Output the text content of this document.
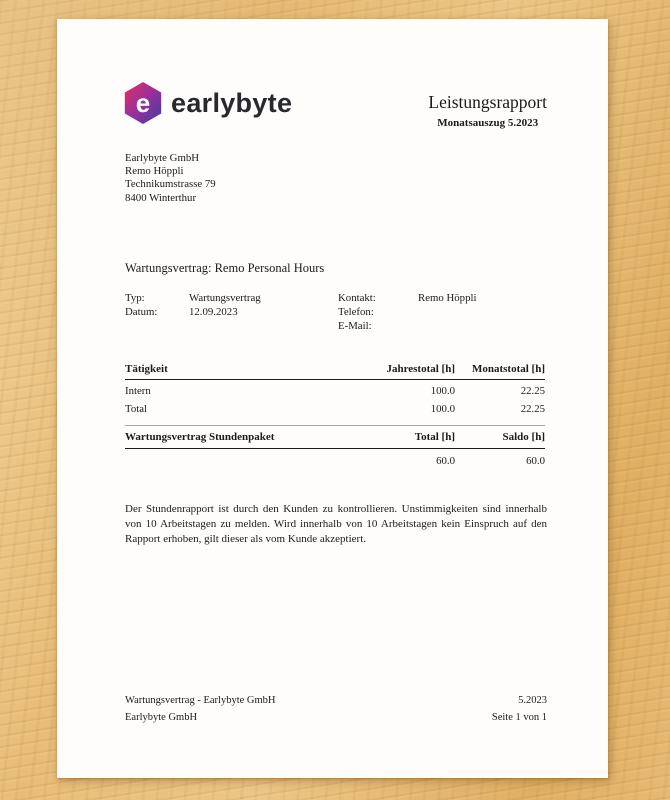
e earlybyte	Leistungsrapport
Monatsauszug 5.2023
Earlybyte GmbH
Remo Höppli
Technikumstrasse 79
8400 Winterthur
Wartungsvertrag: Remo Personal Hours
Typ:	Wartungsvertrag
Datum:	12.09.2023
Kontakt:	Remo Höppli
Telefon:
E-Mail:
Tätigkeit	Jahrestotal [h]	Monatstotal [h]
Intern	100.0	22.25
Total	100.0	22.25
Wartungsvertrag Stundenpaket	Total [h]	Saldo [h]
	60.0	60.0

Der Stundenrapport ist durch den Kunden zu kontrollieren. Unstimmigkeiten sind innerhalb von 10 Arbeitstagen zu melden. Wird innerhalb von 10 Arbeitstagen kein Einspruch auf den Rapport erhoben, gilt dieser als vom Kunde akzeptiert.

Wartungsvertrag - Earlybyte GmbH
Earlybyte GmbH
5.2023
Seite 1 von 1
